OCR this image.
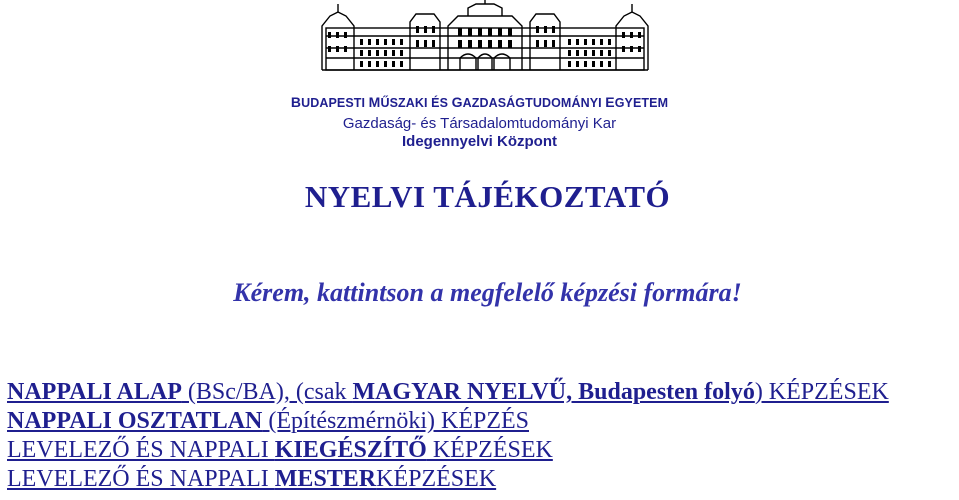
BUDAPESTI MŰSZAKI ÉS GAZDASÁGTUDOMÁNYI EGYETEM

Gazdaság- és Társadalomtudományi Kar

Idegennyelvi Központ

NYELVI TÁJÉKOZTATÓ

Kérem, kattintson a megfelelő képzési formára!

NAPPALI ALAP (BSc/BA), (csak MAGYAR NYELVŰ, Budapesten folyó) KÉPZÉSEK
NAPPALI OSZTATLAN (Építészmérnöki) KÉPZÉS
LEVELEZŐ ÉS NAPPALI KIEGÉSZÍTŐ KÉPZÉSEK
LEVELEZŐ ÉS NAPPALI MESTERKÉPZÉSEK
